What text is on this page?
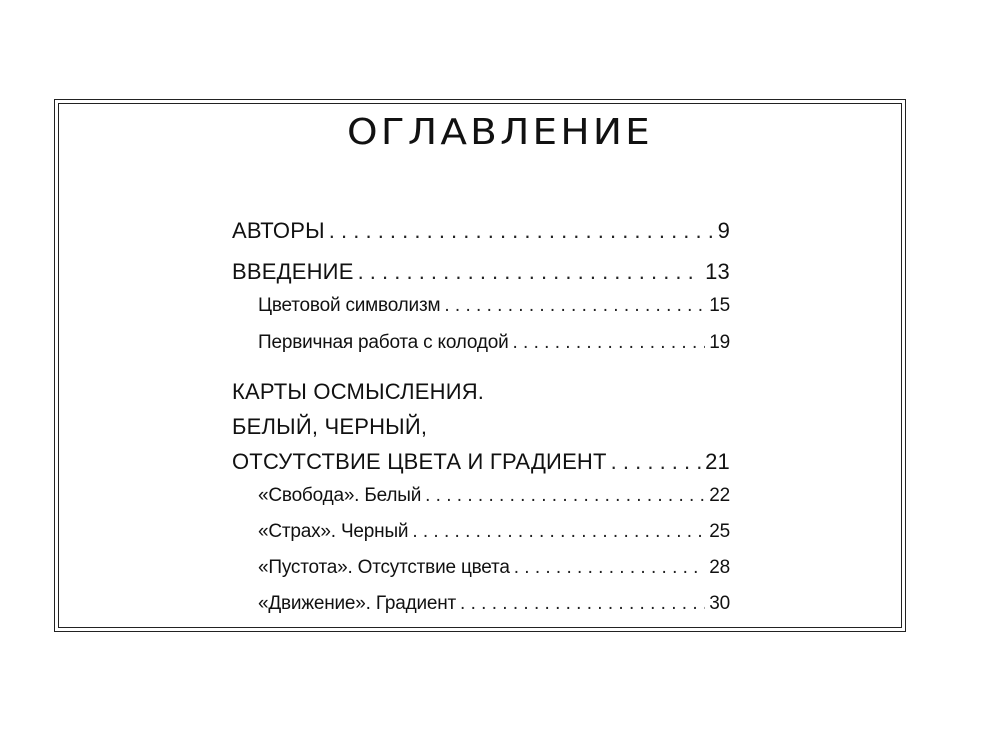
ОГЛАВЛЕНИЕ
АВТОРЫ . . .	9
ВВЕДЕНИЕ . . .	13
Цветовой символизм . . .	15
Первичная работа с колодой . . .	19
КАРТЫ ОСМЫСЛЕНИЯ.
БЕЛЫЙ, ЧЕРНЫЙ,
ОТСУТСТВИЕ ЦВЕТА И ГРАДИЕНТ . . .	21
«Свобода». Белый . . .	22
«Страх». Черный . . .	25
«Пустота». Отсутствие цвета . . .	28
«Движение». Градиент . . .	30
